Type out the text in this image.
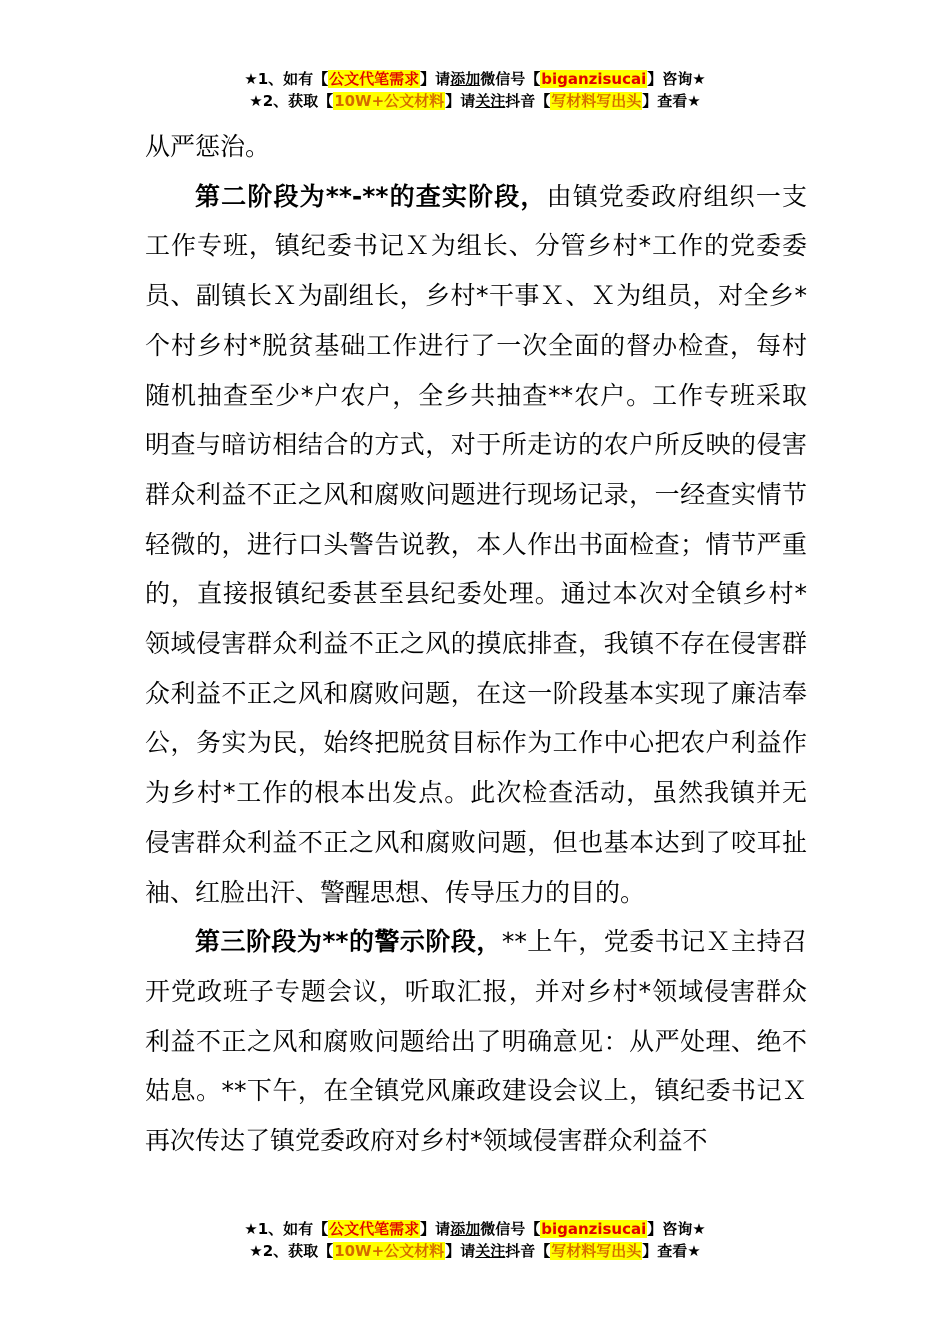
★1、如有【公文代笔需求】请添加微信号【biganzisucai】咨询★
★2、获取【10W+公文材料】请关注抖音【写材料写出头】查看★

从严惩治。

第二阶段为**-**的查实阶段，由镇党委政府组织一支工作专班，镇纪委书记Ｘ为组长、分管乡村*工作的党委委员、副镇长Ｘ为副组长，乡村*干事Ｘ、Ｘ为组员，对全乡*个村乡村*脱贫基础工作进行了一次全面的督办检查，每村随机抽查至少*户农户，全乡共抽查**农户。工作专班采取明查与暗访相结合的方式，对于所走访的农户所反映的侵害群众利益不正之风和腐败问题进行现场记录，一经查实情节轻微的，进行口头警告说教，本人作出书面检查；情节严重的，直接报镇纪委甚至县纪委处理。通过本次对全镇乡村*领域侵害群众利益不正之风的摸底排查，我镇不存在侵害群众利益不正之风和腐败问题，在这一阶段基本实现了廉洁奉公，务实为民，始终把脱贫目标作为工作中心把农户利益作为乡村*工作的根本出发点。此次检查活动，虽然我镇并无侵害群众利益不正之风和腐败问题，但也基本达到了咬耳扯袖、红脸出汗、警醒思想、传导压力的目的。

第三阶段为**的警示阶段，**上午，党委书记Ｘ主持召开党政班子专题会议，听取汇报，并对乡村*领域侵害群众利益不正之风和腐败问题给出了明确意见：从严处理、绝不姑息。**下午，在全镇党风廉政建设会议上，镇纪委书记Ｘ再次传达了镇党委政府对乡村*领域侵害群众利益不

★1、如有【公文代笔需求】请添加微信号【biganzisucai】咨询★
★2、获取【10W+公文材料】请关注抖音【写材料写出头】查看★
